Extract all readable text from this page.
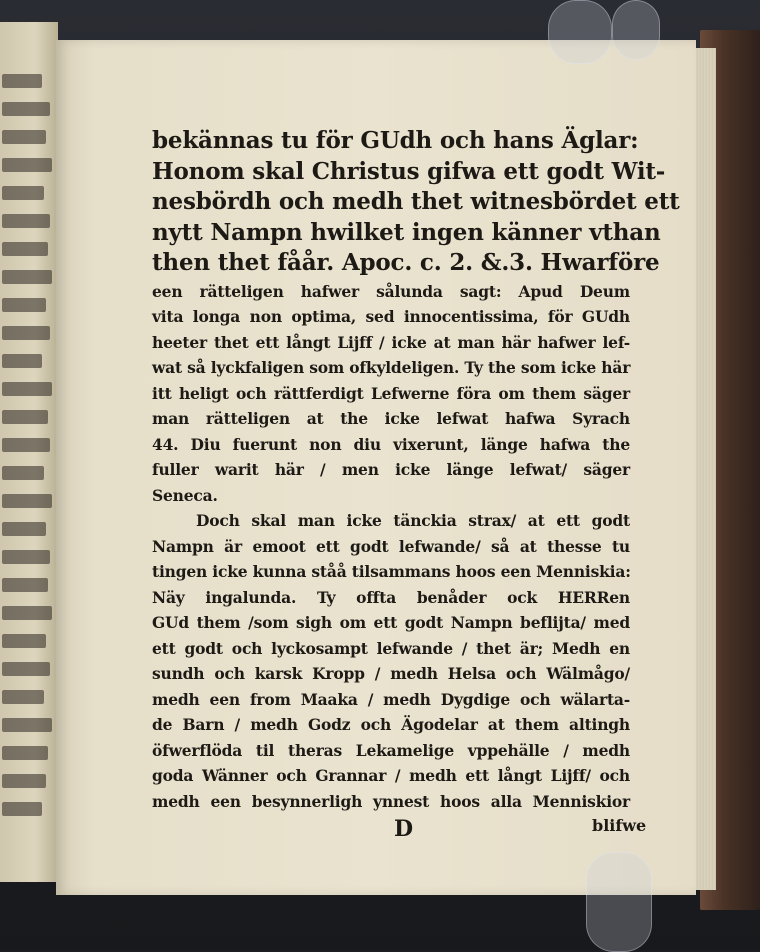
bekännas tu för GUdh och hans Äglar:
Honom skal Christus gifwa ett godt Wit-
nesbördh och medh thet witnesbördet ett
nytt Nampn hwilket ingen känner vthan
then thet fåår. Apoc. c. 2. &.3. Hwarföre
een rätteligen hafwer sålunda sagt: Apud Deum
vita longa non optima, sed innocentissima, för GUdh
heeter thet ett långt Lijff / icke at man här hafwer lef-
wat så lyckfaligen som ofkyldeligen. Ty the som icke här
itt heligt och rättferdigt Lefwerne föra om them säger
man rätteligen at the icke lefwat hafwa Syrach
44. Diu fuerunt non diu vixerunt, länge hafwa the
fuller warit här / men icke länge lefwat/ säger
Seneca.
Doch skal man icke tänckia strax/ at ett godt
Nampn är emoot ett godt lefwande/ så at thesse tu
tingen icke kunna ståå tilsammans hoos een Menniskia:
Näy ingalunda. Ty offta benåder ock HERRen
GUd them /som sigh om ett godt Nampn beflijta/ med
ett godt och lyckosampt lefwande / thet är; Medh en
sundh och karsk Kropp / medh Helsa och Wälmågo/
medh een from Maaka / medh Dygdige och wälarta-
de Barn / medh Godz och Ägodelar at them altingh
öfwerflöda til theras Lekamelige vppehälle / medh
goda Wänner och Grannar / medh ett långt Lijff/ och
medh een besynnerligh ynnest hoos alla Menniskior
D	blifwe
